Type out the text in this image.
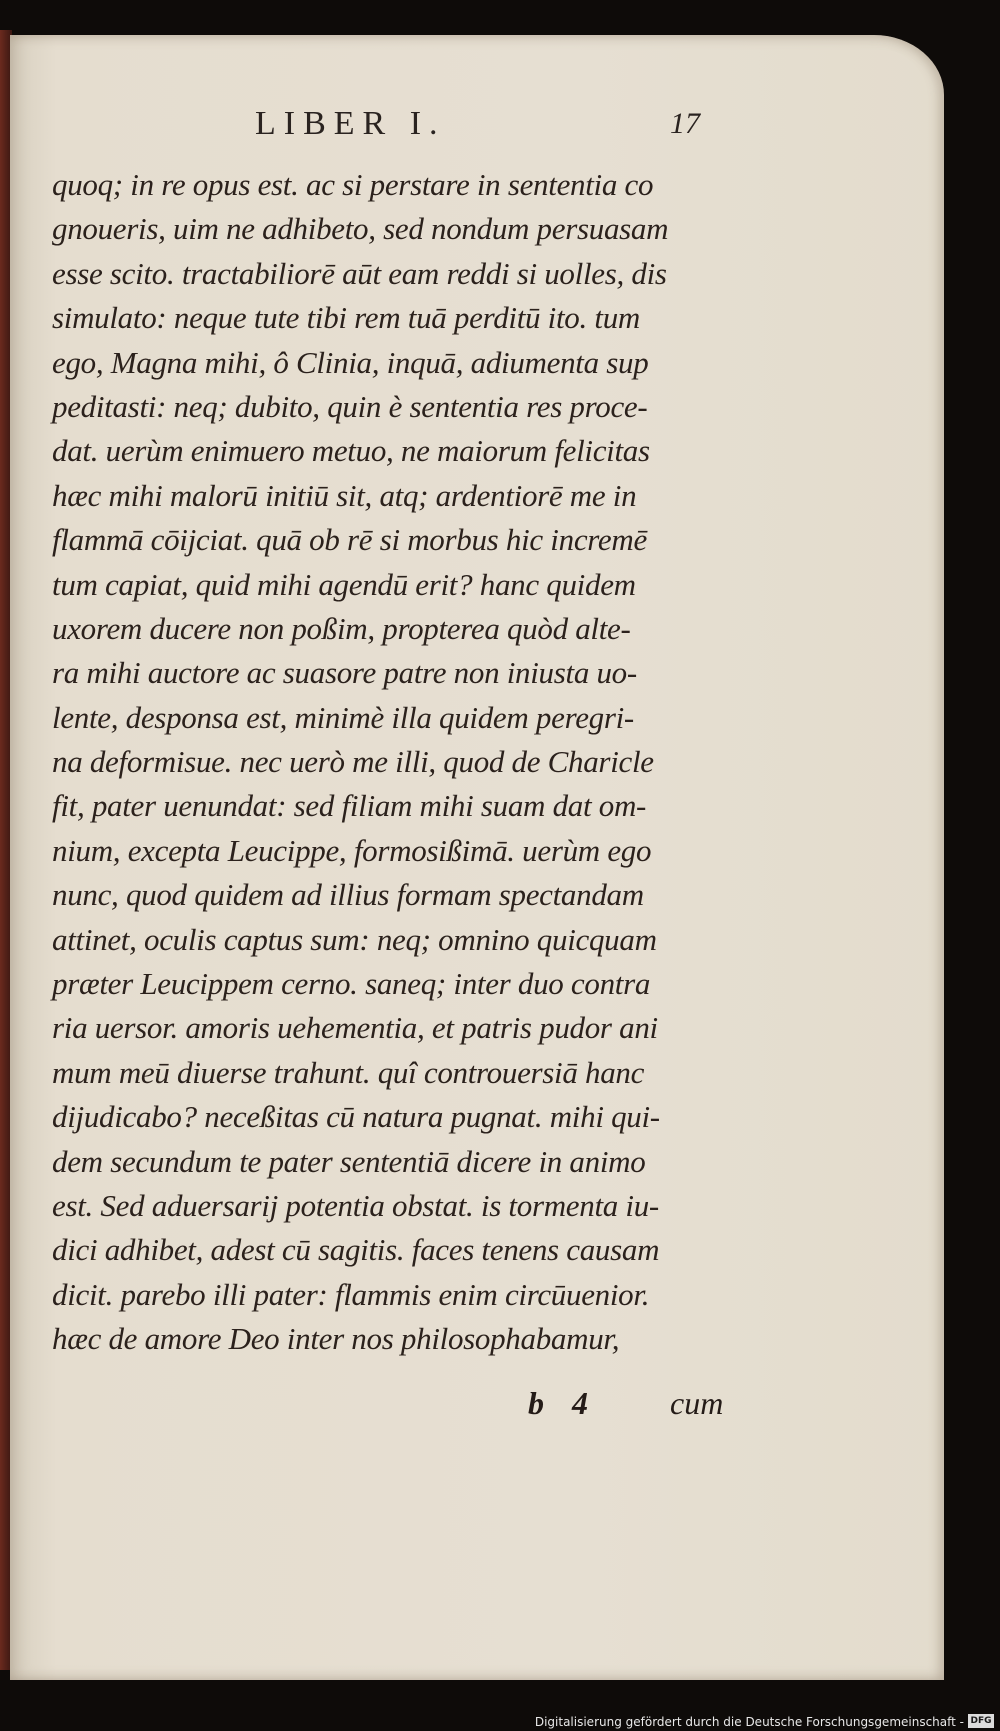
LIBER I.	17
quoq; in re opus est. ac si perstare in sententia co
gnoueris, uim ne adhibeto, sed nondum persuasam
esse scito. tractabiliorē aūt eam reddi si uolles, dis
simulato: neque tute tibi rem tuā perditū ito. tum
ego, Magna mihi, ô Clinia, inquā, adiumenta sup
peditasti: neq; dubito, quin è sententia res proce-
dat. uerùm enimuero metuo, ne maiorum felicitas
hæc mihi malorū initiū sit, atq; ardentiorē me in
flammā cōijciat. quā ob rē si morbus hic incremē
tum capiat, quid mihi agendū erit? hanc quidem
uxorem ducere non poßim, propterea quòd alte-
ra mihi auctore ac suasore patre non iniusta uo-
lente, desponsa est, minimè illa quidem peregri-
na deformisue. nec uerò me illi, quod de Charicle
fit, pater uenundat: sed filiam mihi suam dat om-
nium, excepta Leucippe, formosißimā. uerùm ego
nunc, quod quidem ad illius formam spectandam
attinet, oculis captus sum: neq; omnino quicquam
præter Leucippem cerno. saneq; inter duo contra
ria uersor. amoris uehementia, et patris pudor ani
mum meū diuerse trahunt. quî controuersiā hanc
dijudicabo? neceßitas cū natura pugnat. mihi qui-
dem secundum te pater sententiā dicere in animo
est. Sed aduersarij potentia obstat. is tormenta iu-
dici adhibet, adest cū sagitis. faces tenens causam
dicit. parebo illi pater: flammis enim circūuenior.
hæc de amore Deo inter nos philosophabamur,
b 4	cum
Digitalisierung gefördert durch die Deutsche Forschungsgemeinschaft - DFG
